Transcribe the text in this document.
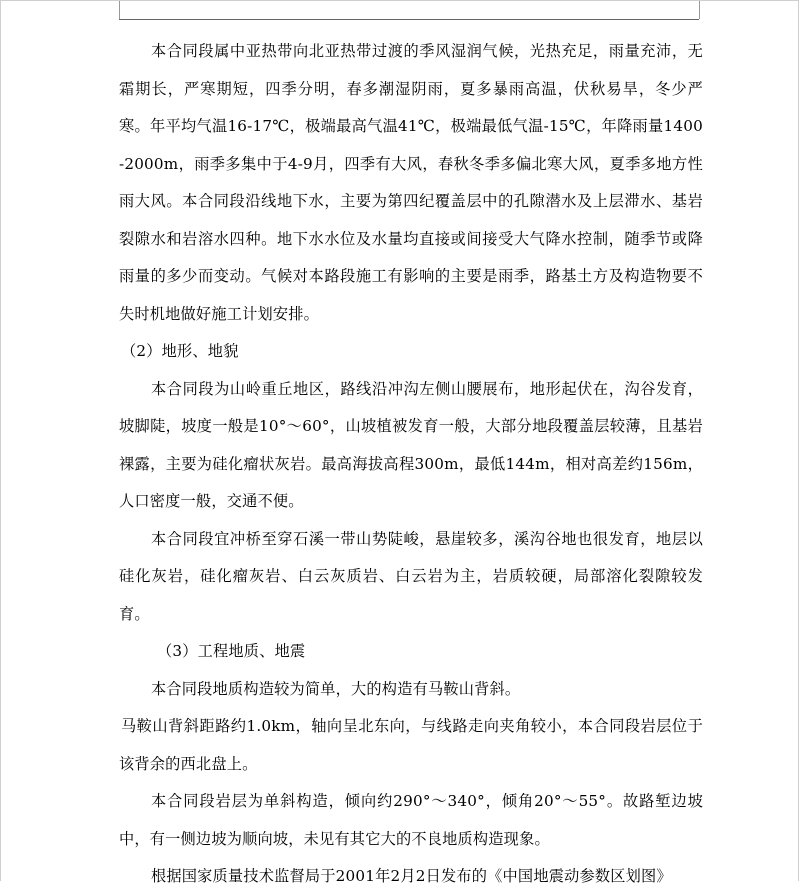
本合同段属中亚热带向北亚热带过渡的季风湿润气候，光热充足，雨量充沛，无霜期长，严寒期短，四季分明，春多潮湿阴雨，夏多暴雨高温，伏秋易旱，冬少严寒。年平均气温16-17℃，极端最高气温41℃，极端最低气温-15℃，年降雨量1400-2000m，雨季多集中于4-9月，四季有大风，春秋冬季多偏北寒大风，夏季多地方性雨大风。本合同段沿线地下水，主要为第四纪覆盖层中的孔隙潜水及上层滞水、基岩裂隙水和岩溶水四种。地下水水位及水量均直接或间接受大气降水控制，随季节或降雨量的多少而变动。气候对本路段施工有影响的主要是雨季，路基土方及构造物要不失时机地做好施工计划安排。

（2）地形、地貌

本合同段为山岭重丘地区，路线沿冲沟左侧山腰展布，地形起伏在，沟谷发育，坡脚陡，坡度一般是10°～60°，山坡植被发育一般，大部分地段覆盖层较薄，且基岩裸露，主要为硅化瘤状灰岩。最高海拔高程300m，最低144m，相对高差约156m，人口密度一般，交通不便。

本合同段宜冲桥至穿石溪一带山势陡峻，悬崖较多，溪沟谷地也很发育，地层以硅化灰岩，硅化瘤灰岩、白云灰质岩、白云岩为主，岩质较硬，局部溶化裂隙较发育。

（3）工程地质、地震

本合同段地质构造较为简单，大的构造有马鞍山背斜。

马鞍山背斜距路约1.0km，轴向呈北东向，与线路走向夹角较小，本合同段岩层位于该背余的西北盘上。

本合同段岩层为单斜构造，倾向约290°～340°，倾角20°～55°。故路堑边坡中，有一侧边坡为顺向坡，未见有其它大的不良地质构造现象。

根据国家质量技术监督局于2001年2月2日发布的《中国地震动参数区划图》
